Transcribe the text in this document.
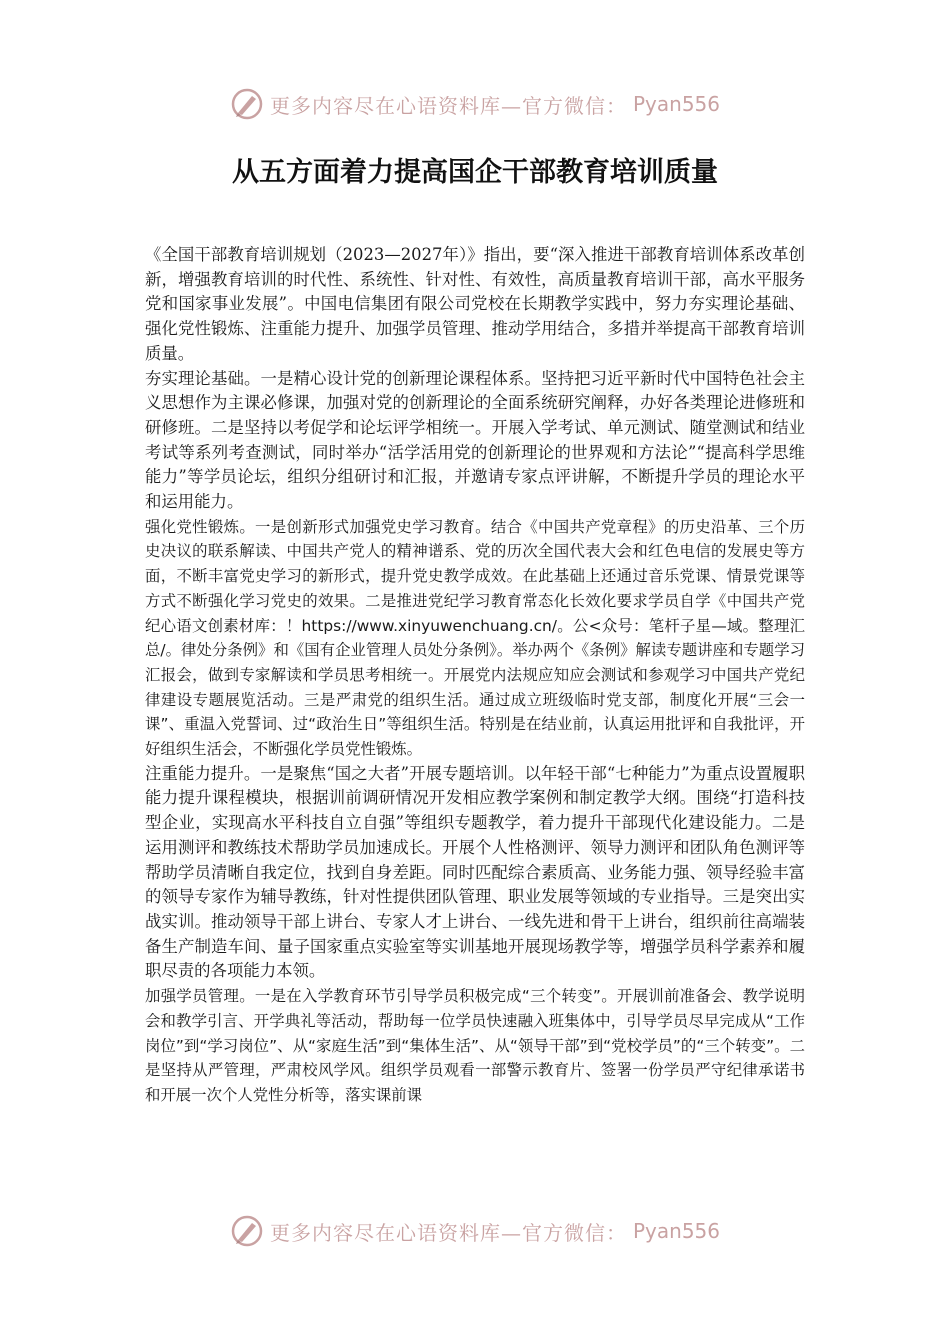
更多内容尽在心语资料库—官方微信： Pyan556
从五方面着力提高国企干部教育培训质量

《全国干部教育培训规划（2023—2027年）》指出，要“深入推进干部教育培训体系改革创新，增强教育培训的时代性、系统性、针对性、有效性，高质量教育培训干部，高水平服务党和国家事业发展”。中国电信集团有限公司党校在长期教学实践中，努力夯实理论基础、强化党性锻炼、注重能力提升、加强学员管理、推动学用结合，多措并举提高干部教育培训质量。

夯实理论基础。一是精心设计党的创新理论课程体系。坚持把习近平新时代中国特色社会主义思想作为主课必修课，加强对党的创新理论的全面系统研究阐释，办好各类理论进修班和研修班。二是坚持以考促学和论坛评学相统一。开展入学考试、单元测试、随堂测试和结业考试等系列考查测试，同时举办“活学活用党的创新理论的世界观和方法论”“提高科学思维能力”等学员论坛，组织分组研讨和汇报，并邀请专家点评讲解，不断提升学员的理论水平和运用能力。

强化党性锻炼。一是创新形式加强党史学习教育。结合《中国共产党章程》的历史沿革、三个历史决议的联系解读、中国共产党人的精神谱系、党的历次全国代表大会和红色电信的发展史等方面，不断丰富党史学习的新形式，提升党史教学成效。在此基础上还通过音乐党课、情景党课等方式不断强化学习党史的效果。二是推进党纪学习教育常态化长效化要求学员自学《中国共产党纪心语文创素材库：！https://www.xinyuwenchuang.cn/。公<众号：笔杆子星—域。整理汇总/。律处分条例》和《国有企业管理人员处分条例》。举办两个《条例》解读专题讲座和专题学习汇报会，做到专家解读和学员思考相统一。开展党内法规应知应会测试和参观学习中国共产党纪律建设专题展览活动。三是严肃党的组织生活。通过成立班级临时党支部，制度化开展“三会一课”、重温入党誓词、过“政治生日”等组织生活。特别是在结业前，认真运用批评和自我批评，开好组织生活会，不断强化学员党性锻炼。

注重能力提升。一是聚焦“国之大者”开展专题培训。以年轻干部“七种能力”为重点设置履职能力提升课程模块，根据训前调研情况开发相应教学案例和制定教学大纲。围绕“打造科技型企业，实现高水平科技自立自强”等组织专题教学，着力提升干部现代化建设能力。二是运用测评和教练技术帮助学员加速成长。开展个人性格测评、领导力测评和团队角色测评等帮助学员清晰自我定位，找到自身差距。同时匹配综合素质高、业务能力强、领导经验丰富的领导专家作为辅导教练，针对性提供团队管理、职业发展等领域的专业指导。三是突出实战实训。推动领导干部上讲台、专家人才上讲台、一线先进和骨干上讲台，组织前往高端装备生产制造车间、量子国家重点实验室等实训基地开展现场教学等，增强学员科学素养和履职尽责的各项能力本领。

加强学员管理。一是在入学教育环节引导学员积极完成“三个转变”。开展训前准备会、教学说明会和教学引言、开学典礼等活动，帮助每一位学员快速融入班集体中，引导学员尽早完成从“工作岗位”到“学习岗位”、从“家庭生活”到“集体生活”、从“领导干部”到“党校学员”的“三个转变”。二是坚持从严管理，严肃校风学风。组织学员观看一部警示教育片、签署一份学员严守纪律承诺书和开展一次个人党性分析等，落实课前课

更多内容尽在心语资料库—官方微信： Pyan556
